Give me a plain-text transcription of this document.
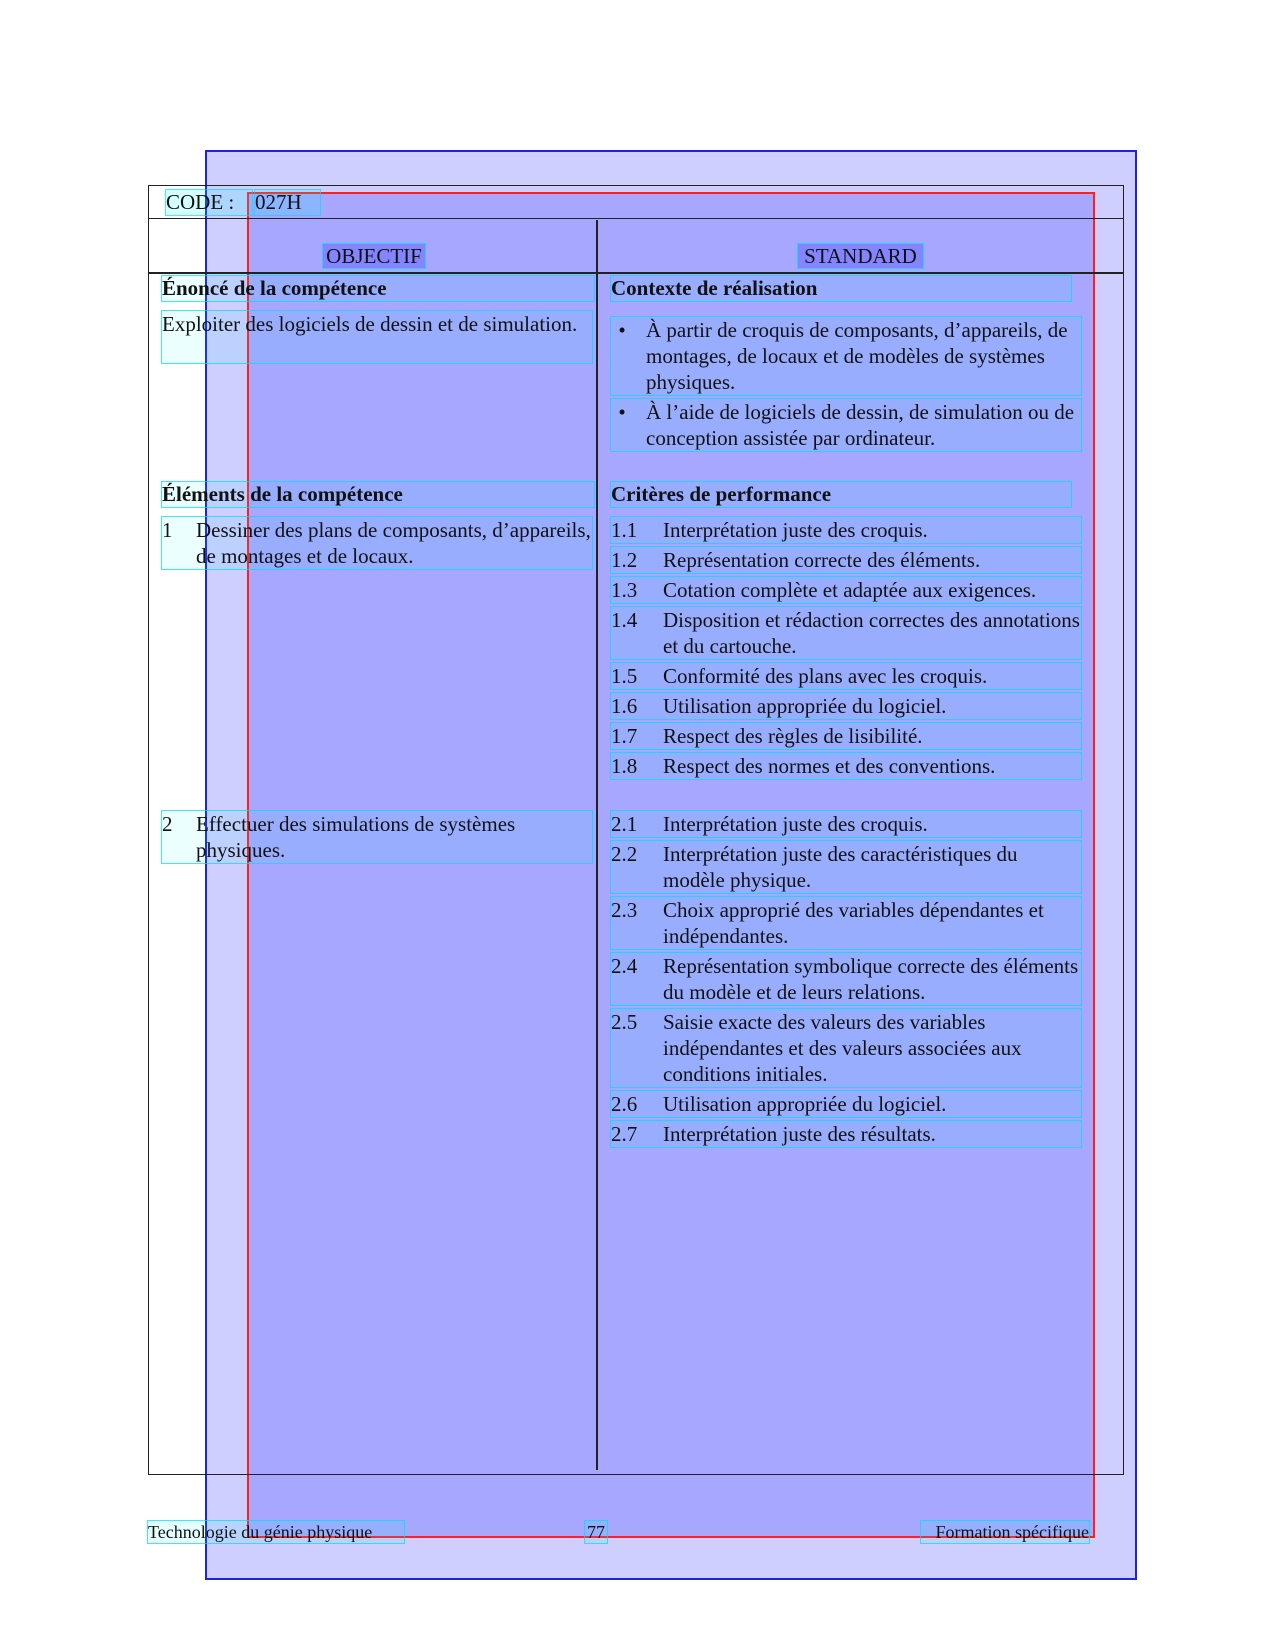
CODE : 027H
OBJECTIF	STANDARD
Énoncé de la compétence	Contexte de réalisation
Exploiter des logiciels de dessin et de simulation.
•	À partir de croquis de composants, d’appareils, de montages, de locaux et de modèles de systèmes physiques.
• À l’aide de logiciels de dessin, de simulation ou de conception assistée par ordinateur.
Éléments de la compétence	Critères de performance
1	Dessiner des plans de composants, d’appareils, de montages et de locaux.
1.1	Interprétation juste des croquis.
1.2	Représentation correcte des éléments.
1.3	Cotation complète et adaptée aux exigences.
1.4	Disposition et rédaction correctes des annotations et du cartouche.
1.5	Conformité des plans avec les croquis.
1.6	Utilisation appropriée du logiciel.
1.7	Respect des règles de lisibilité.
1.8	Respect des normes et des conventions.
2	Effectuer des simulations de systèmes physiques.
2.1	Interprétation juste des croquis.
2.2	Interprétation juste des caractéristiques du modèle physique.
2.3	Choix approprié des variables dépendantes et indépendantes.
2.4	Représentation symbolique correcte des éléments du modèle et de leurs relations.
2.5	Saisie exacte des valeurs des variables indépendantes et des valeurs associées aux conditions initiales.
2.6	Utilisation appropriée du logiciel.
2.7	Interprétation juste des résultats.
Technologie du génie physique	77	Formation spécifique
